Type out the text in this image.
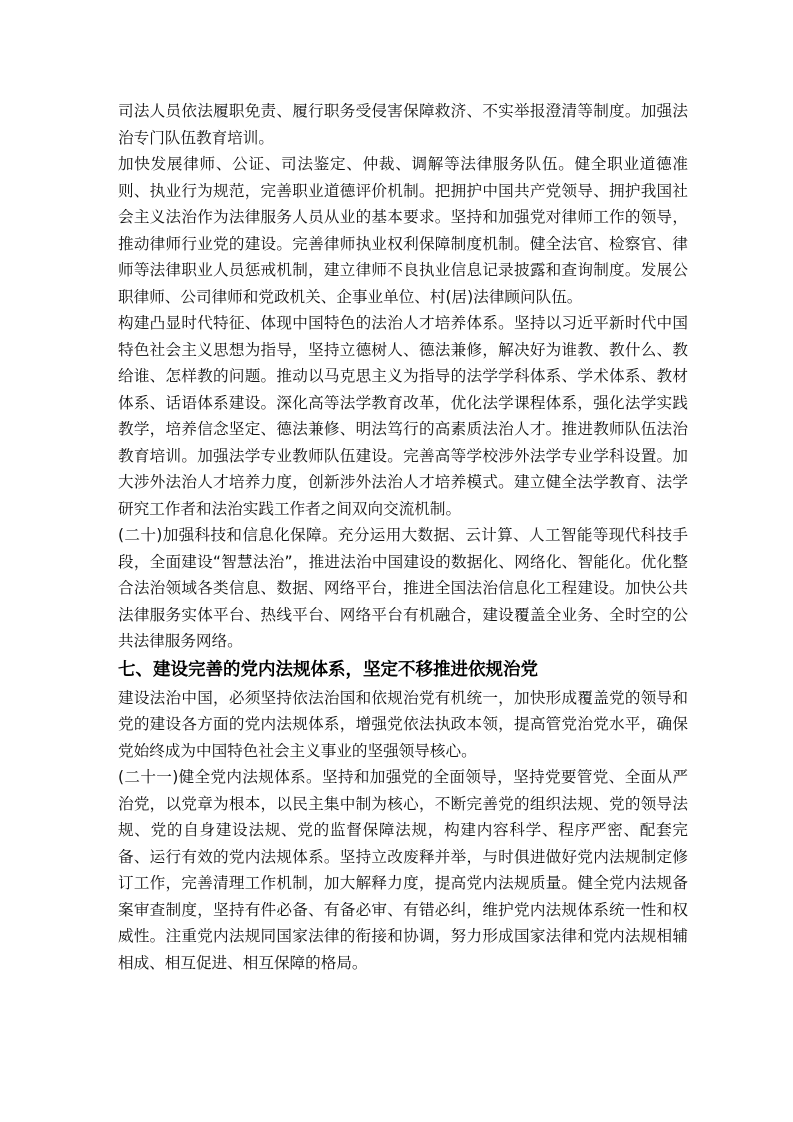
司法人员依法履职免责、履行职务受侵害保障救济、不实举报澄清等制度。加强法治专门队伍教育培训。

加快发展律师、公证、司法鉴定、仲裁、调解等法律服务队伍。健全职业道德准则、执业行为规范，完善职业道德评价机制。把拥护中国共产党领导、拥护我国社会主义法治作为法律服务人员从业的基本要求。坚持和加强党对律师工作的领导，推动律师行业党的建设。完善律师执业权利保障制度机制。健全法官、检察官、律师等法律职业人员惩戒机制，建立律师不良执业信息记录披露和查询制度。发展公职律师、公司律师和党政机关、企事业单位、村(居)法律顾问队伍。

构建凸显时代特征、体现中国特色的法治人才培养体系。坚持以习近平新时代中国特色社会主义思想为指导，坚持立德树人、德法兼修，解决好为谁教、教什么、教给谁、怎样教的问题。推动以马克思主义为指导的法学学科体系、学术体系、教材体系、话语体系建设。深化高等法学教育改革，优化法学课程体系，强化法学实践教学，培养信念坚定、德法兼修、明法笃行的高素质法治人才。推进教师队伍法治教育培训。加强法学专业教师队伍建设。完善高等学校涉外法学专业学科设置。加大涉外法治人才培养力度，创新涉外法治人才培养模式。建立健全法学教育、法学研究工作者和法治实践工作者之间双向交流机制。

(二十)加强科技和信息化保障。充分运用大数据、云计算、人工智能等现代科技手段，全面建设“智慧法治”，推进法治中国建设的数据化、网络化、智能化。优化整合法治领域各类信息、数据、网络平台，推进全国法治信息化工程建设。加快公共法律服务实体平台、热线平台、网络平台有机融合，建设覆盖全业务、全时空的公共法律服务网络。

七、建设完善的党内法规体系，坚定不移推进依规治党

建设法治中国，必须坚持依法治国和依规治党有机统一，加快形成覆盖党的领导和党的建设各方面的党内法规体系，增强党依法执政本领，提高管党治党水平，确保党始终成为中国特色社会主义事业的坚强领导核心。

(二十一)健全党内法规体系。坚持和加强党的全面领导，坚持党要管党、全面从严治党，以党章为根本，以民主集中制为核心，不断完善党的组织法规、党的领导法规、党的自身建设法规、党的监督保障法规，构建内容科学、程序严密、配套完备、运行有效的党内法规体系。坚持立改废释并举，与时俱进做好党内法规制定修订工作，完善清理工作机制，加大解释力度，提高党内法规质量。健全党内法规备案审查制度，坚持有件必备、有备必审、有错必纠，维护党内法规体系统一性和权威性。注重党内法规同国家法律的衔接和协调，努力形成国家法律和党内法规相辅相成、相互促进、相互保障的格局。
